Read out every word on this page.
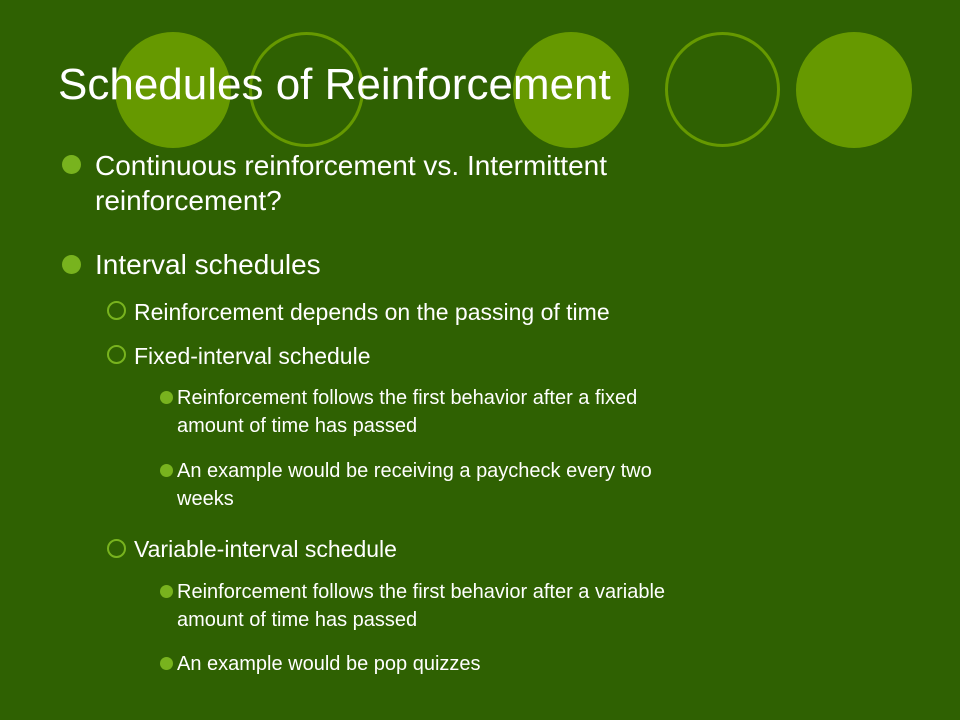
Schedules of Reinforcement
Continuous reinforcement vs. Intermittent
reinforcement?
Interval schedules
Reinforcement depends on the passing of time
Fixed-interval schedule
Reinforcement follows the first behavior after a fixed
amount of time has passed
An example would be receiving a paycheck every two
weeks
Variable-interval schedule
Reinforcement follows the first behavior after a variable
amount of time has passed
An example would be pop quizzes
